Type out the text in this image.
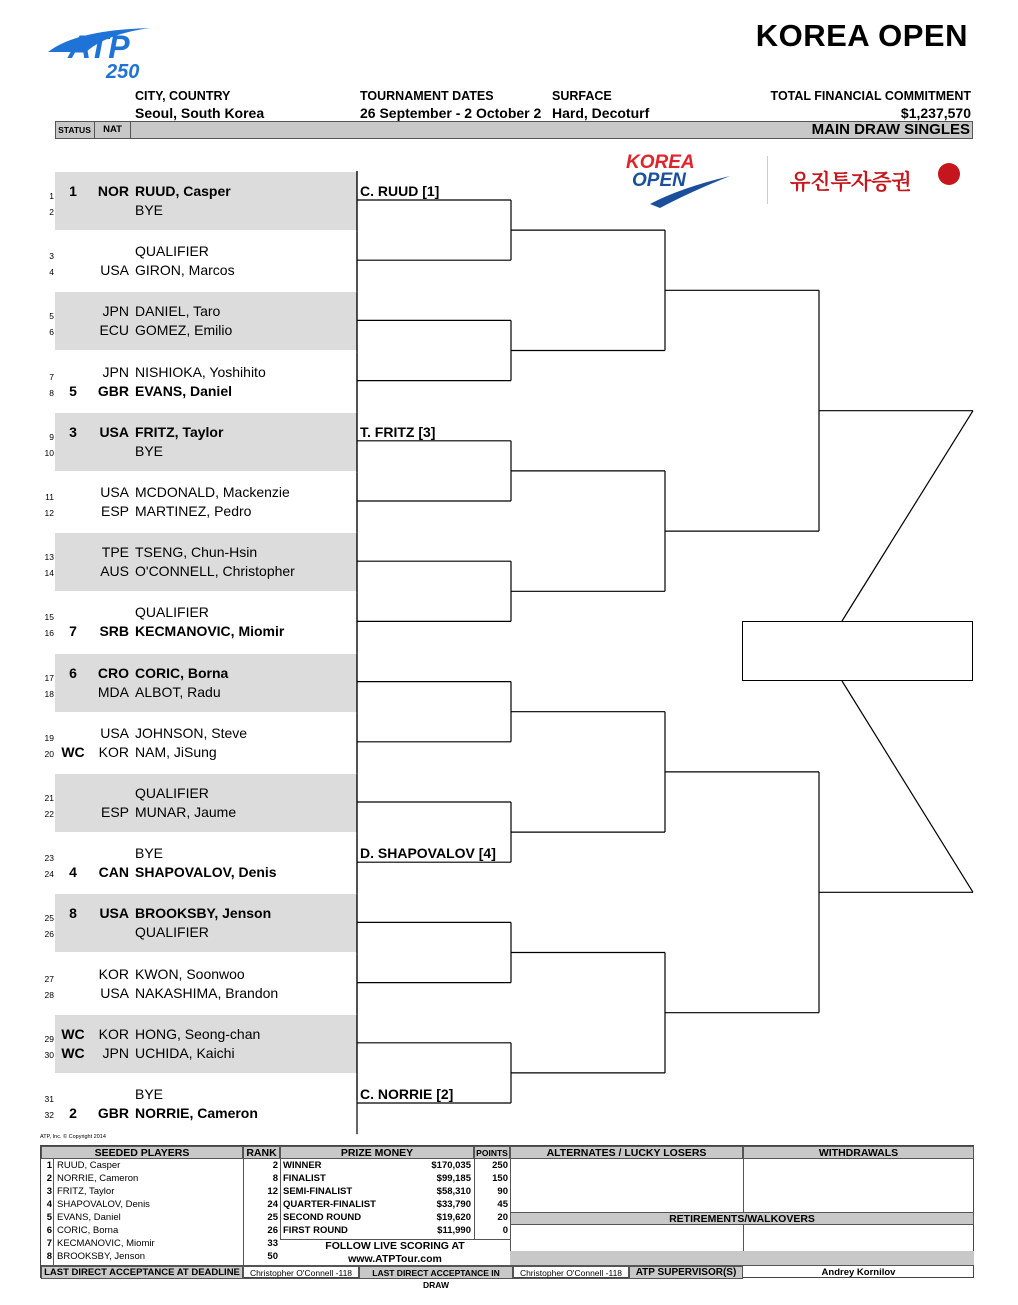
ATP
250
KOREA OPEN
CITY, COUNTRY
Seoul, South Korea
TOURNAMENT DATES
26 September - 2 October 2
SURFACE
Hard, Decoturf
TOTAL FINANCIAL COMMITMENT
$1,237,570
STATUS	NAT	MAIN DRAW SINGLES
KOREA
OPEN	유진투자증권
1	1	NOR RUUD, Casper
2	BYE
3	QUALIFIER
4	USA GIRON, Marcos
5	JPN DANIEL, Taro
6	ECU GOMEZ, Emilio
7	JPN NISHIOKA, Yoshihito
8	5	GBR EVANS, Daniel
9	3	USA FRITZ, Taylor
10	BYE
11	USA MCDONALD, Mackenzie
12	ESP MARTINEZ, Pedro
13	TPE TSENG, Chun-Hsin
14	AUS O'CONNELL, Christopher
15	QUALIFIER
16	7	SRB KECMANOVIC, Miomir
17	6	CRO CORIC, Borna
18	MDA ALBOT, Radu
19	USA JOHNSON, Steve
20 WC	KOR NAM, JiSung
21	QUALIFIER
22	ESP MUNAR, Jaume
23	BYE
24	4	CAN SHAPOVALOV, Denis
25	8	USA BROOKSBY, Jenson
26	QUALIFIER
27	KOR KWON, Soonwoo
28	USA NAKASHIMA, Brandon
29 WC	KOR HONG, Seong-chan
30 WC	JPN UCHIDA, Kaichi
31	BYE
32	2	GBR NORRIE, Cameron
C. RUUD [1]
T. FRITZ [3]
D. SHAPOVALOV [4]
C. NORRIE [2]
ATP, Inc. © Copyright 2014
SEEDED PLAYERS	RANK	PRIZE MONEY	POINTS	ALTERNATES / LUCKY LOSERS	WITHDRAWALS
1 RUUD, Casper	2
2 NORRIE, Cameron	8
3 FRITZ, Taylor	12
4 SHAPOVALOV, Denis	24
5 EVANS, Daniel	25
6 CORIC, Borna	26
7 KECMANOVIC, Miomir	33
8 BROOKSBY, Jenson	50
WINNER	$170,035	250
FINALIST	$99,185	150
SEMI-FINALIST	$58,310	90
QUARTER-FINALIST	$33,790	45
SECOND ROUND	$19,620	20
FIRST ROUND	$11,990	0
RETIREMENTS/WALKOVERS
FOLLOW LIVE SCORING AT
www.ATPTour.com
LAST DIRECT ACCEPTANCE AT DEADLINE	Christopher O'Connell -118	LAST DIRECT ACCEPTANCE IN DRAW
Christopher O'Connell -118	ATP SUPERVISOR(S)	Andrey Kornilov
